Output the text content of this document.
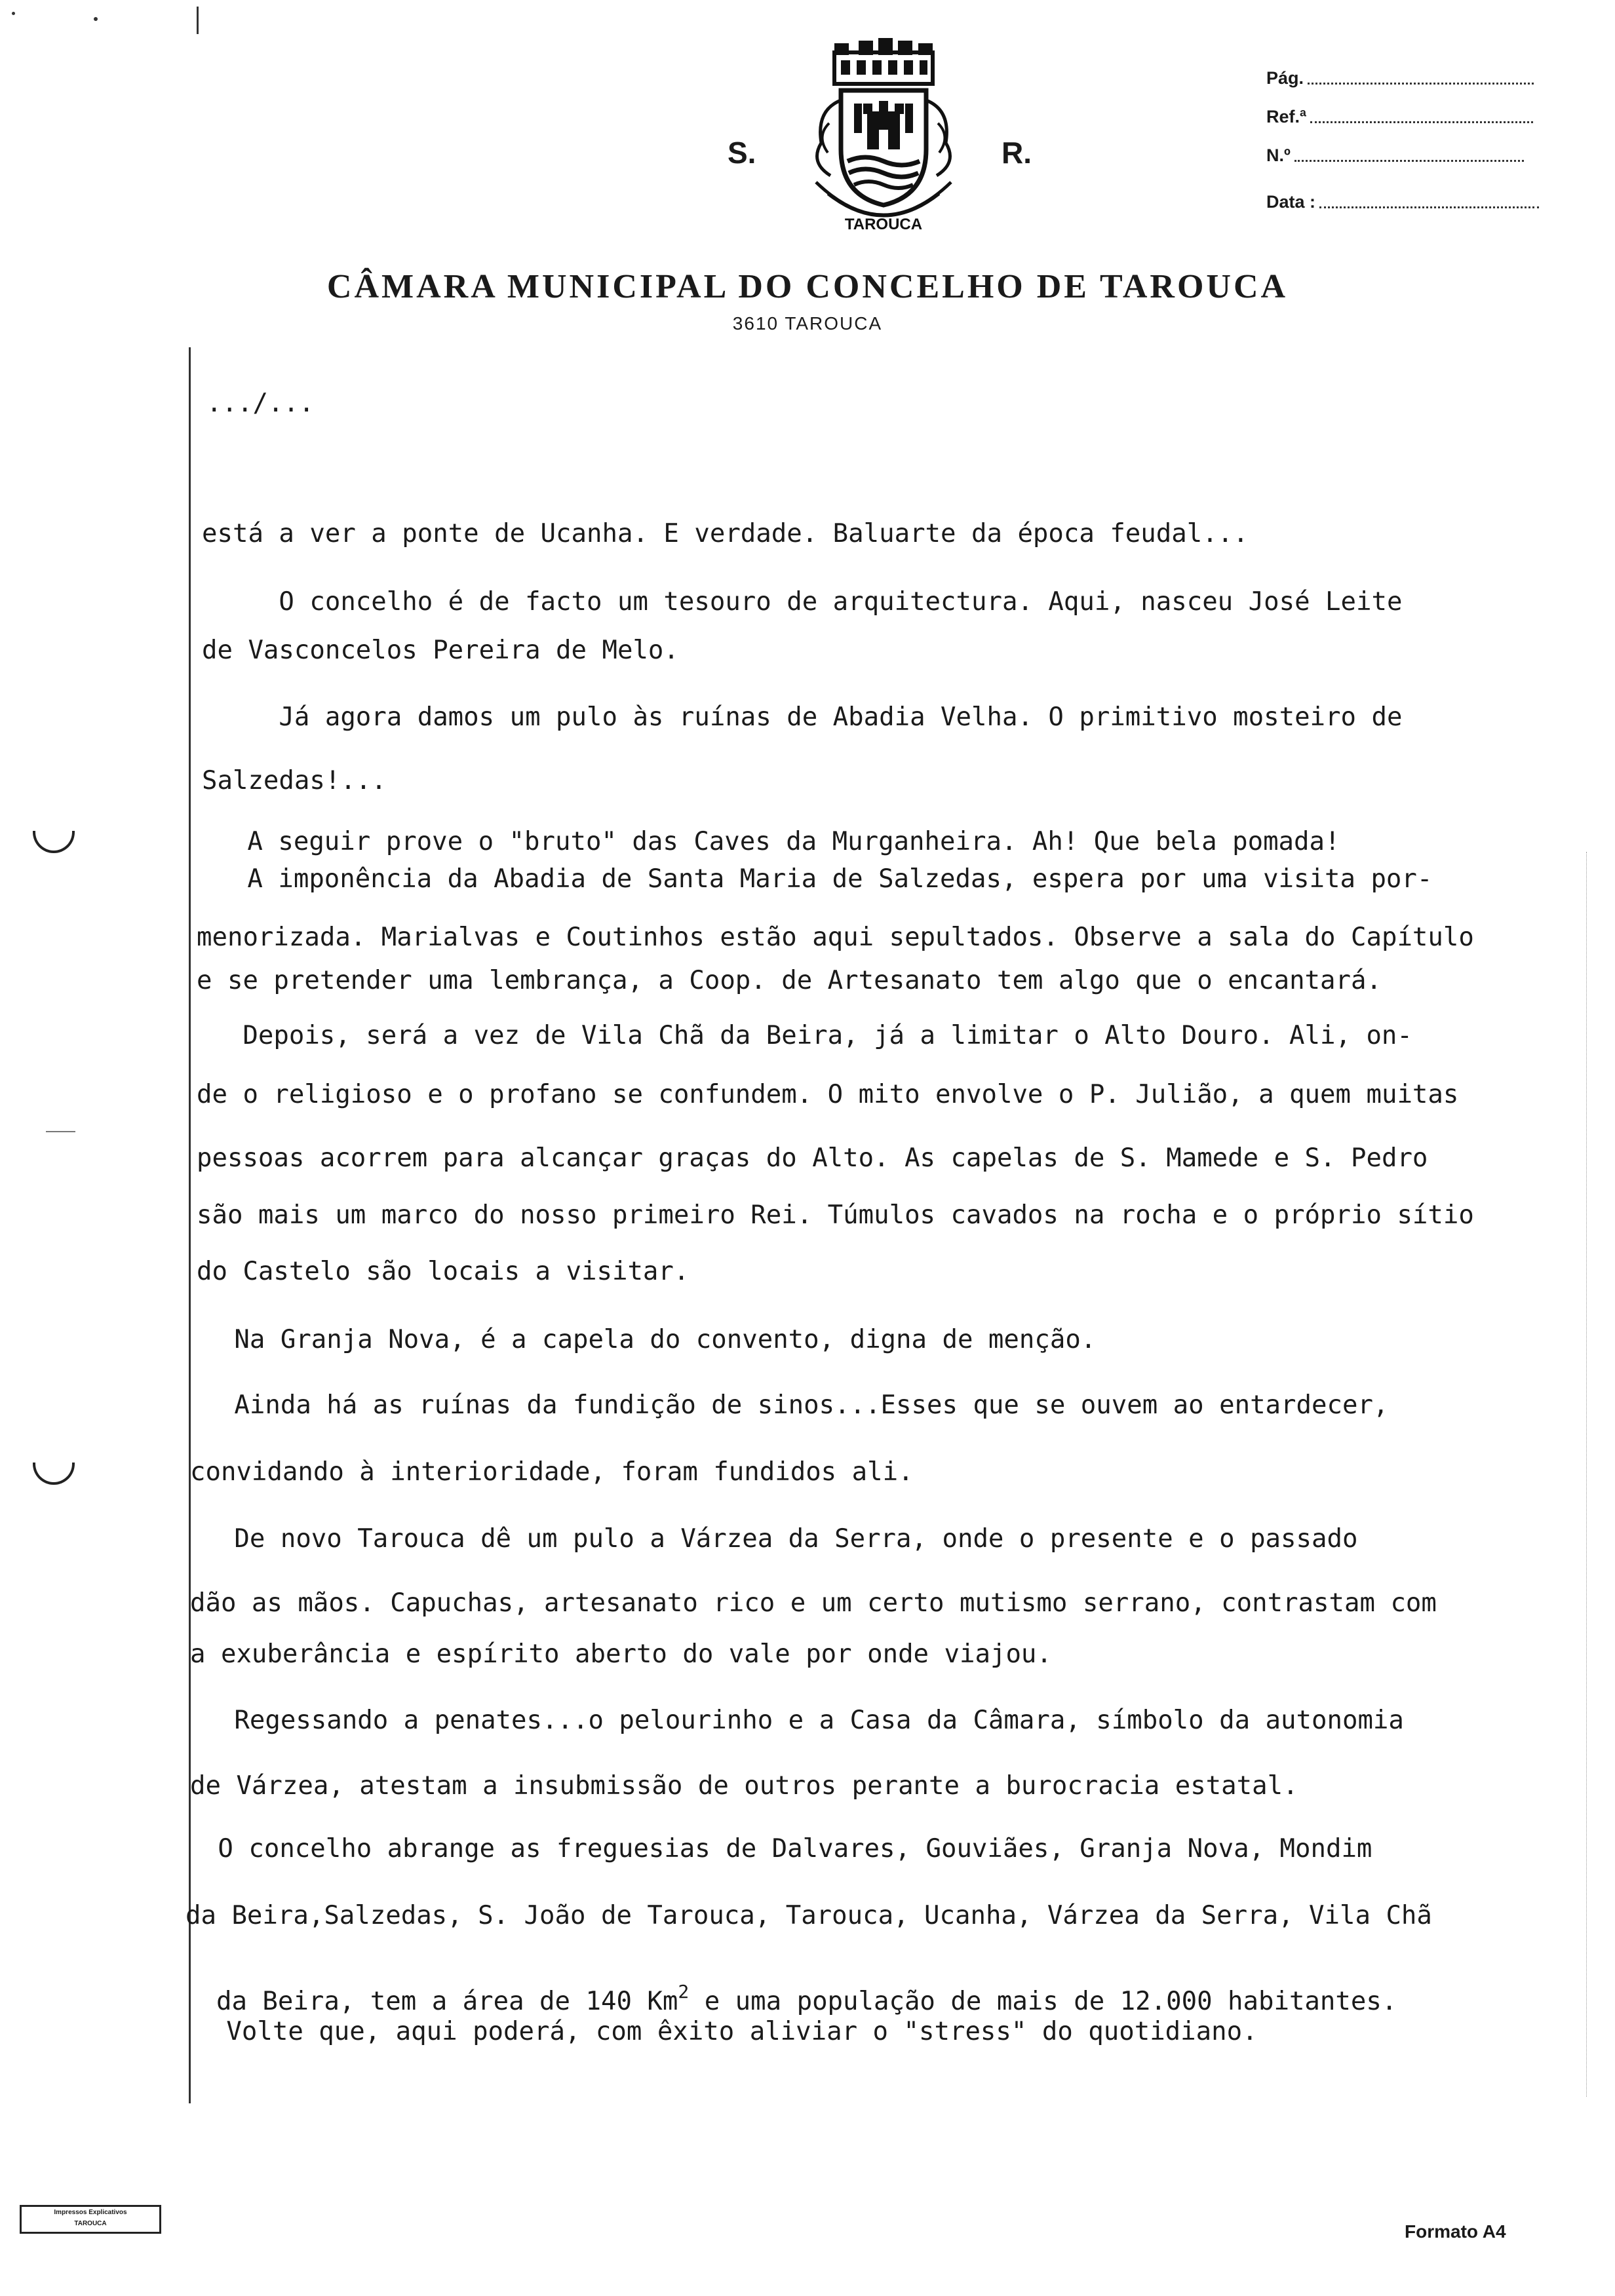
S.	R.
TAROUCA
Pág.
Ref.ª
N.º
Data :
CÂMARA MUNICIPAL DO CONCELHO DE TAROUCA
3610 TAROUCA
.../...
está a ver a ponte de Ucanha. E verdade. Baluarte da época feudal...
O concelho é de facto um tesouro de arquitectura. Aqui, nasceu José Leite
de Vasconcelos Pereira de Melo.
Já agora damos um pulo às ruínas de Abadia Velha. O primitivo mosteiro de
Salzedas!...
A seguir prove o "bruto" das Caves da Murganheira. Ah! Que bela pomada!
A imponência da Abadia de Santa Maria de Salzedas, espera por uma visita por-
menorizada. Marialvas e Coutinhos estão aqui sepultados. Observe a sala do Capítulo
e se pretender uma lembrança, a Coop. de Artesanato tem algo que o encantará.
Depois, será a vez de Vila Chã da Beira, já a limitar o Alto Douro. Ali, on-
de o religioso e o profano se confundem. O mito envolve o P. Julião, a quem muitas
pessoas acorrem para alcançar graças do Alto. As capelas de S. Mamede e S. Pedro
são mais um marco do nosso primeiro Rei. Túmulos cavados na rocha e o próprio sítio
do Castelo são locais a visitar.
Na Granja Nova, é a capela do convento, digna de menção.
Ainda há as ruínas da fundição de sinos...Esses que se ouvem ao entardecer,
convidando à interioridade, foram fundidos ali.
De novo Tarouca dê um pulo a Várzea da Serra, onde o presente e o passado
dão as mãos. Capuchas, artesanato rico e um certo mutismo serrano, contrastam com
a exuberância e espírito aberto do vale por onde viajou.
Regessando a penates...o pelourinho e a Casa da Câmara, símbolo da autonomia
de Várzea, atestam a insubmissão de outros perante a burocracia estatal.
O concelho abrange as freguesias de Dalvares, Gouviães, Granja Nova, Mondim
da Beira,Salzedas, S. João de Tarouca, Tarouca, Ucanha, Várzea da Serra, Vila Chã

da Beira, tem a área de 140 Km$^2$ e uma população de mais de 12.000 habitantes.

Volte que, aqui poderá, com êxito aliviar o "stress" do quotidiano.
Impressos Explicativos
TAROUCA	Formato A4
